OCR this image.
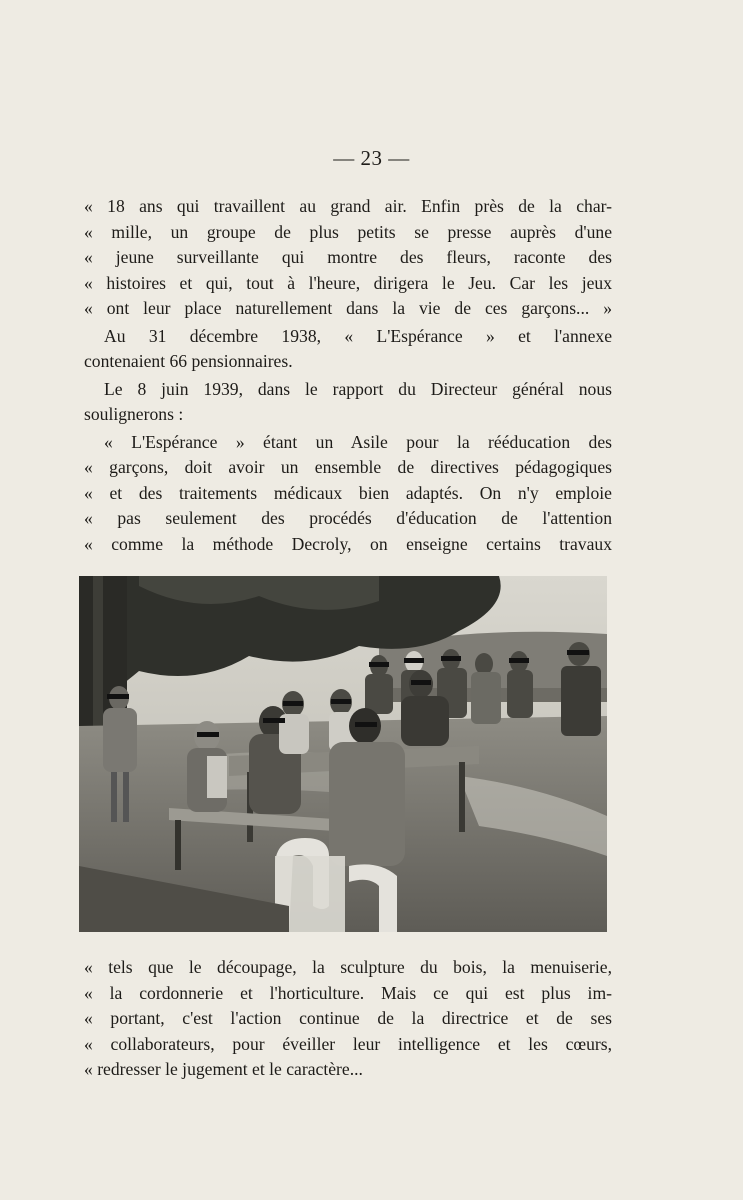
— 23 —

« 18 ans qui travaillent au grand air. Enfin près de la char-

« mille, un groupe de plus petits se presse auprès d'une

« jeune surveillante qui montre des fleurs, raconte des

« histoires et qui, tout à l'heure, dirigera le Jeu. Car les jeux

« ont leur place naturellement dans la vie de ces garçons... »

Au 31 décembre 1938, « L'Espérance » et l'annexe

contenaient 66 pensionnaires.

Le 8 juin 1939, dans le rapport du Directeur général nous

soulignerons :

« L'Espérance » étant un Asile pour la rééducation des

« garçons, doit avoir un ensemble de directives pédagogiques

« et des traitements médicaux bien adaptés. On n'y emploie

« pas seulement des procédés d'éducation de l'attention

« comme la méthode Decroly, on enseigne certains travaux

« tels que le découpage, la sculpture du bois, la menuiserie,

« la cordonnerie et l'horticulture. Mais ce qui est plus im-

« portant, c'est l'action continue de la directrice et de ses

« collaborateurs, pour éveiller leur intelligence et les cœurs,

« redresser le jugement et le caractère...
